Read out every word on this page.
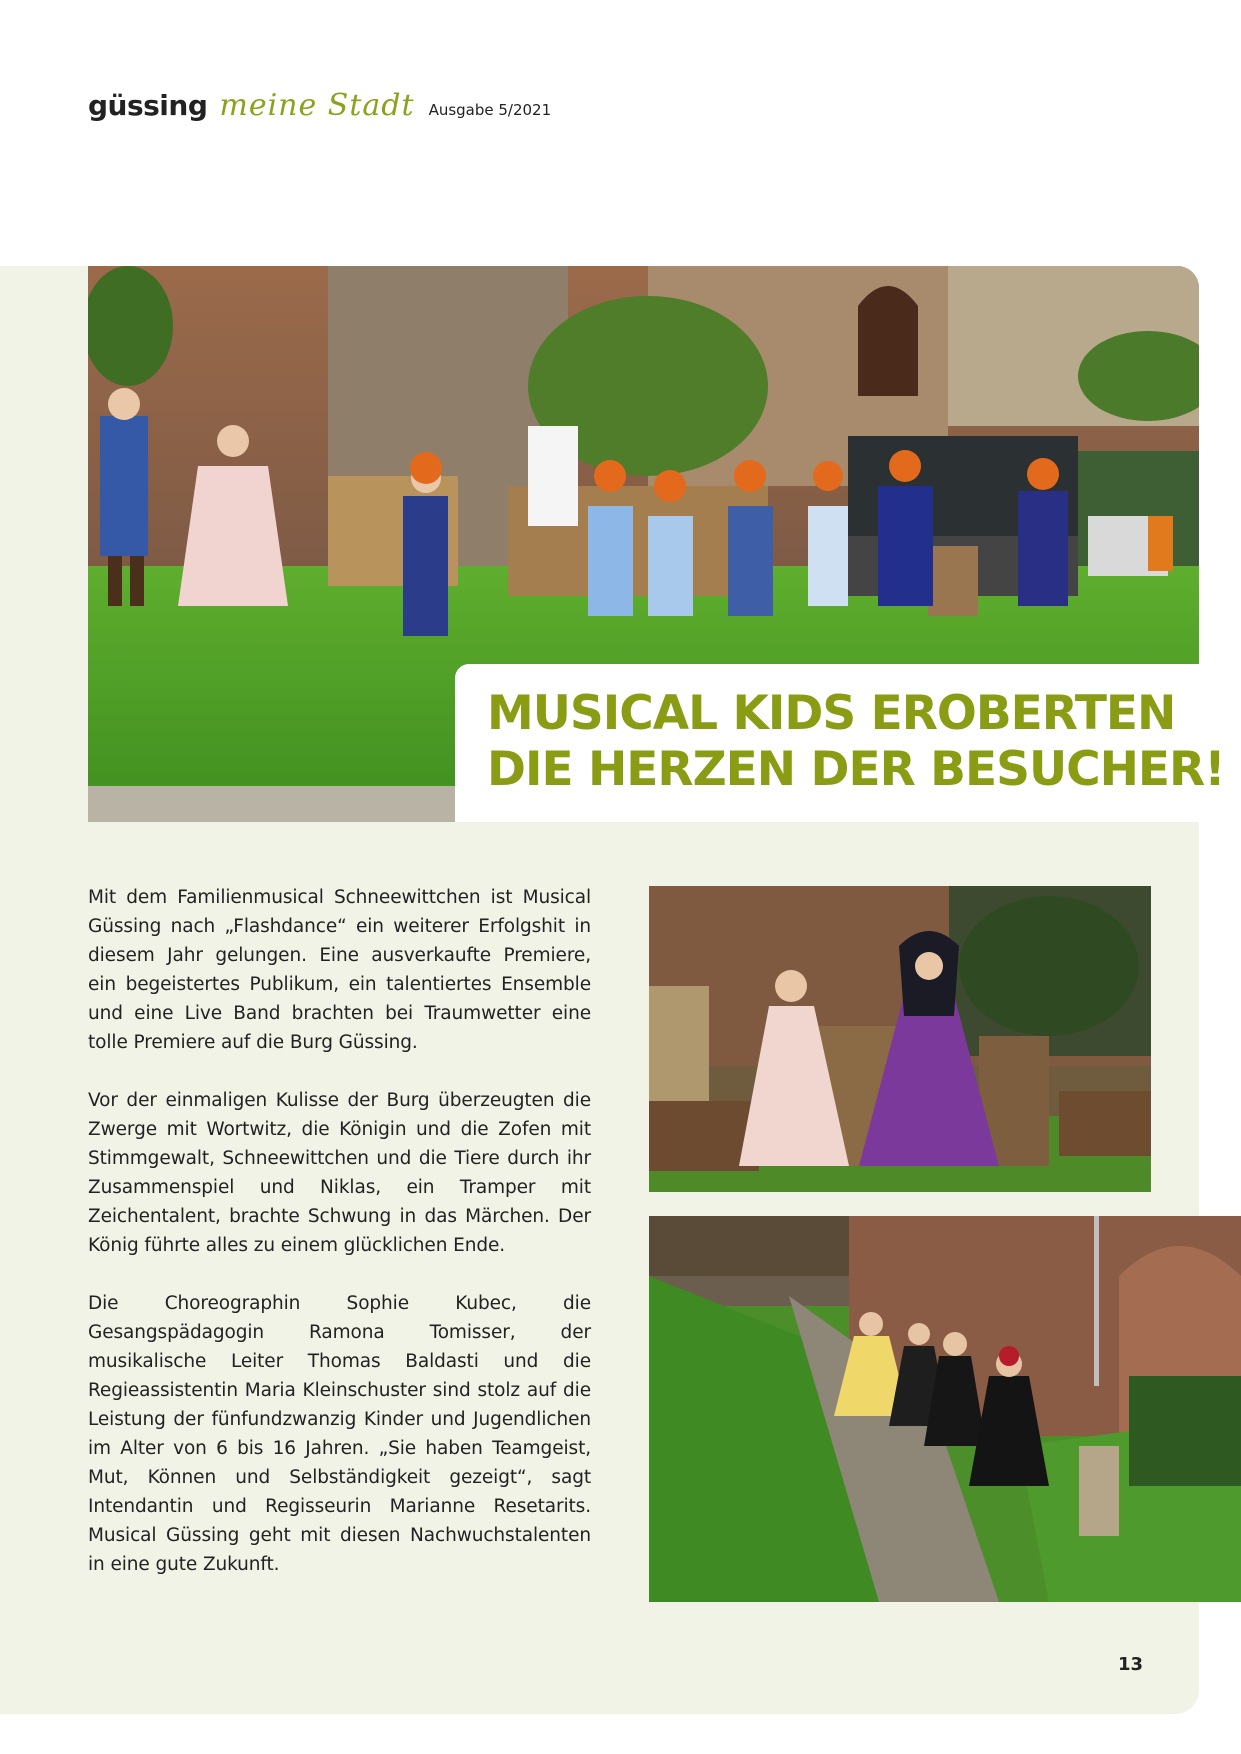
güssing meine Stadt Ausgabe 5/2021
MUSICAL KIDS EROBERTEN
DIE HERZEN DER BESUCHER!

Mit dem Familienmusical Schneewittchen ist Musical Güssing nach „Flashdance“ ein weiterer Erfolgshit in diesem Jahr gelungen. Eine ausverkaufte Premiere, ein begeistertes Publikum, ein talentiertes Ensemble und eine Live Band brachten bei Traumwetter eine tolle Premiere auf die Burg Güssing.

Vor der einmaligen Kulisse der Burg überzeugten die Zwerge mit Wortwitz, die Königin und die Zofen mit Stimmgewalt, Schneewittchen und die Tiere durch ihr Zusammenspiel und Niklas, ein Tramper mit Zeichentalent, brachte Schwung in das Märchen. Der König führte alles zu einem glücklichen Ende.

Die Choreographin Sophie Kubec, die Gesangspädagogin Ramona Tomisser, der musikalische Leiter Thomas Baldasti und die Regieassistentin Maria Kleinschuster sind stolz auf die Leistung der fünfundzwanzig Kinder und Jugendlichen im Alter von 6 bis 16 Jahren. „Sie haben Teamgeist, Mut, Können und Selbständigkeit gezeigt“, sagt Intendantin und Regisseurin Marianne Resetarits. Musical Güssing geht mit diesen Nachwuchstalenten in eine gute Zukunft.

13
